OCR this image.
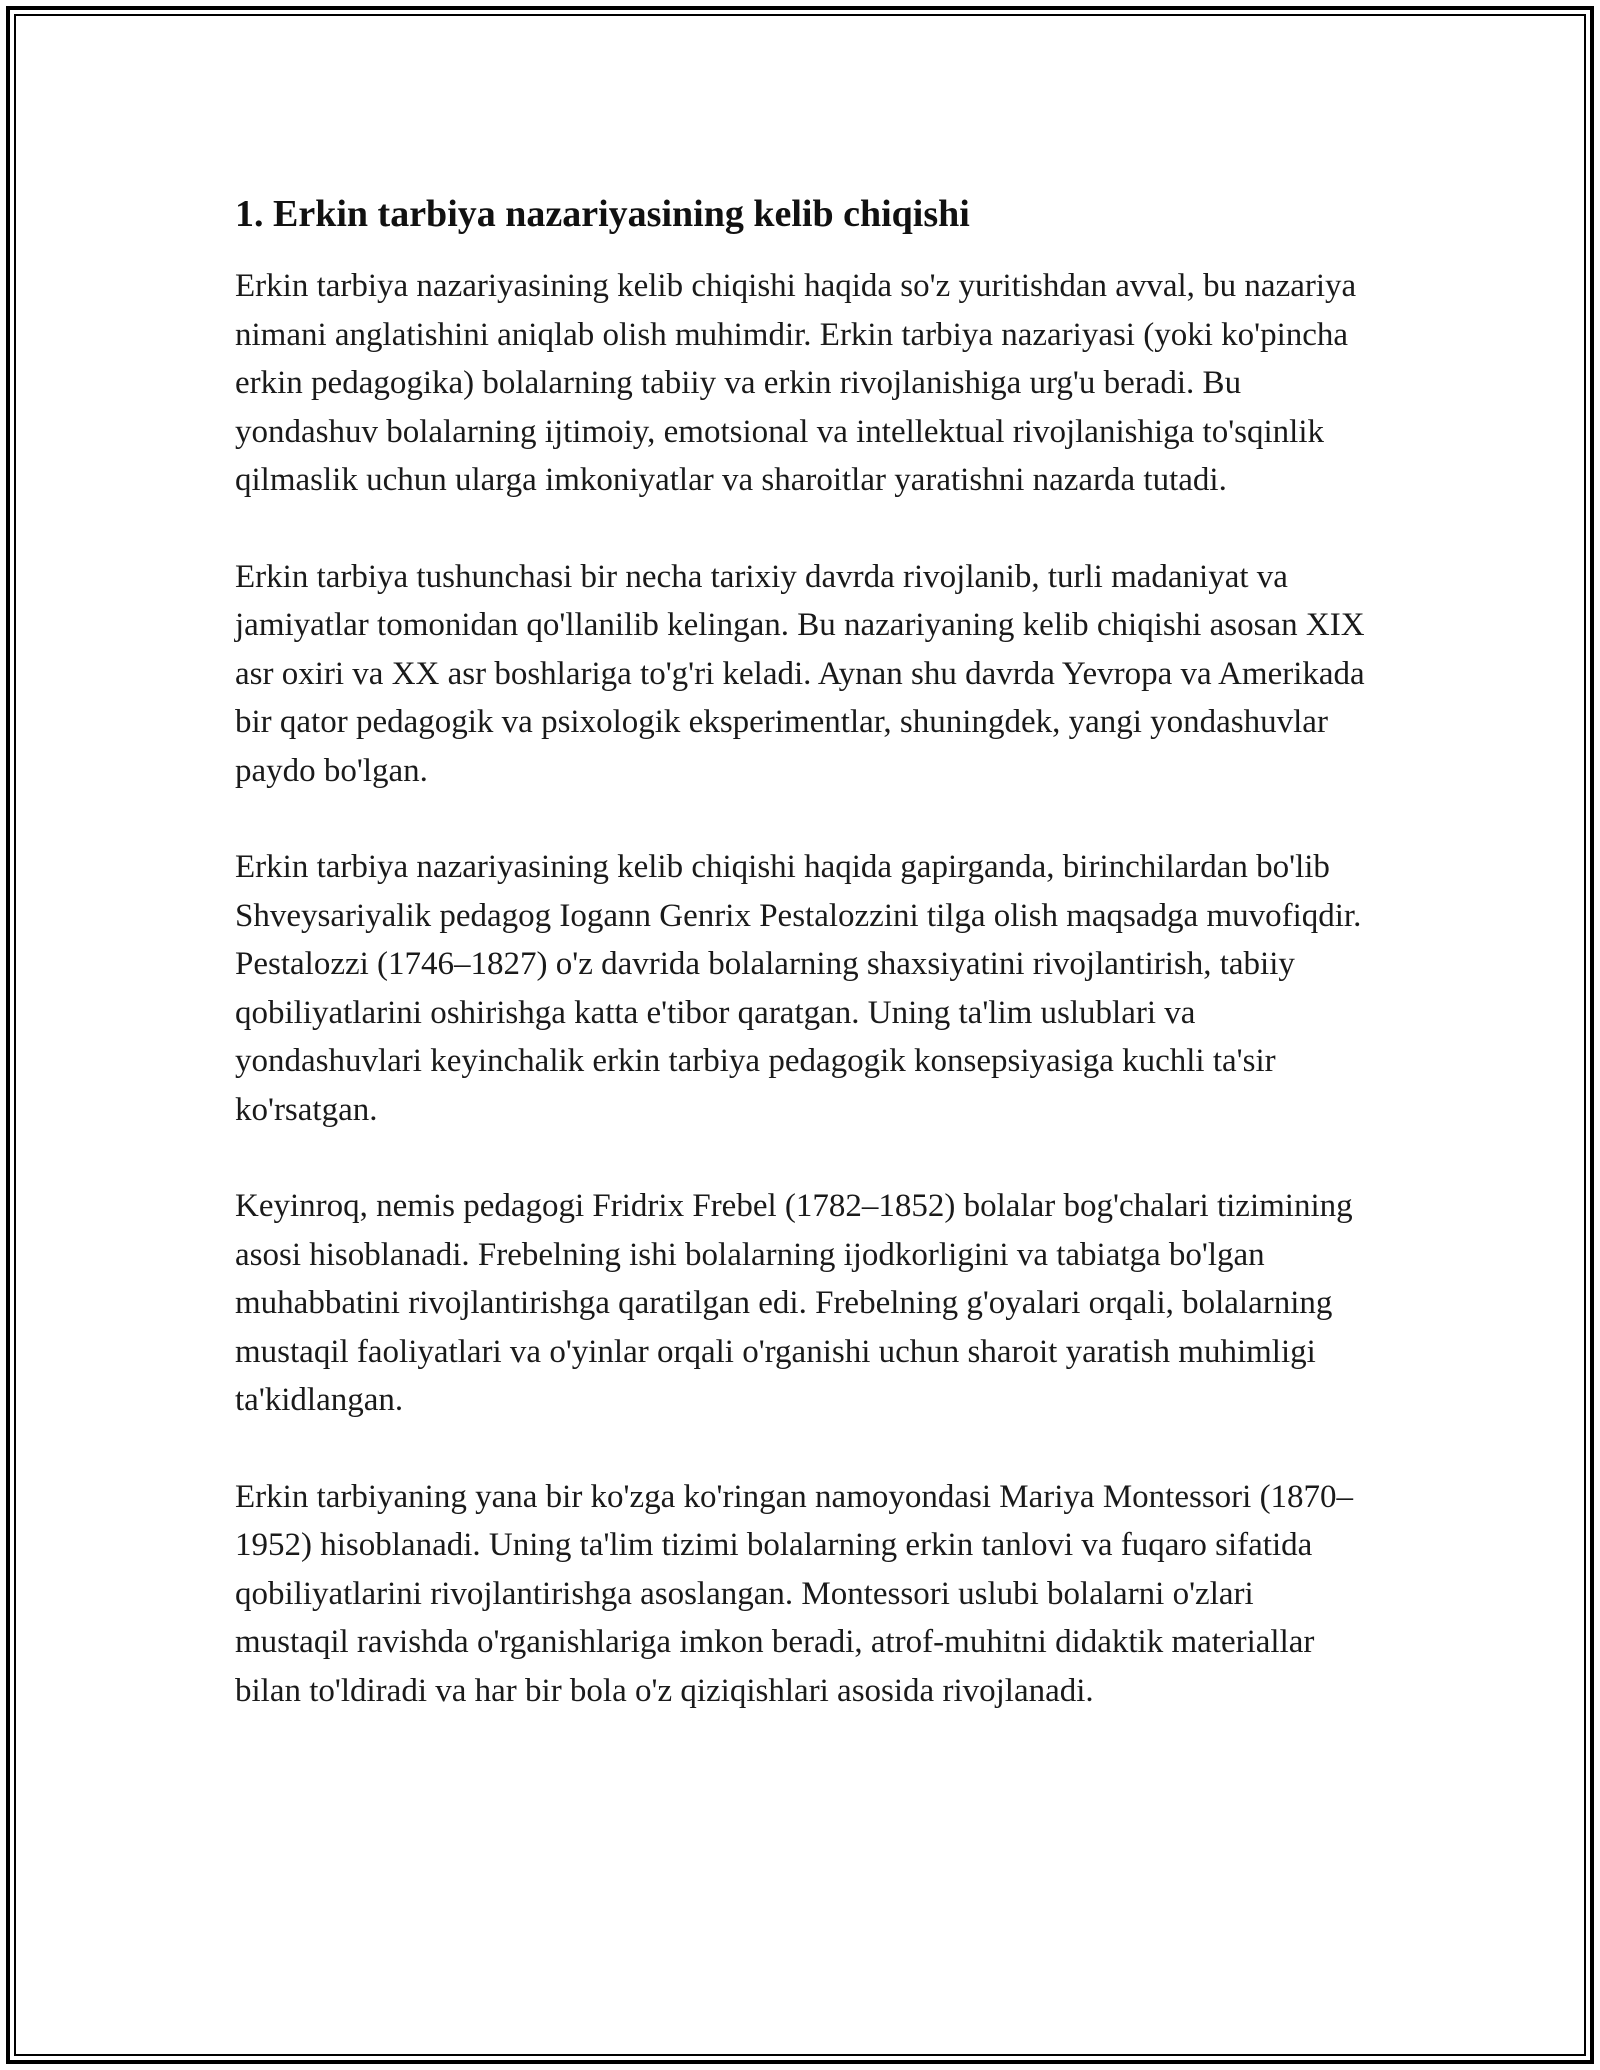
1. Erkin tarbiya nazariyasining kelib chiqishi

Erkin tarbiya nazariyasining kelib chiqishi haqida so'z yuritishdan avval, bu nazariya nimani anglatishini aniqlab olish muhimdir. Erkin tarbiya nazariyasi (yoki ko'pincha erkin pedagogika) bolalarning tabiiy va erkin rivojlanishiga urg'u beradi. Bu yondashuv bolalarning ijtimoiy, emotsional va intellektual rivojlanishiga to'sqinlik qilmaslik uchun ularga imkoniyatlar va sharoitlar yaratishni nazarda tutadi.

Erkin tarbiya tushunchasi bir necha tarixiy davrda rivojlanib, turli madaniyat va jamiyatlar tomonidan qo'llanilib kelingan. Bu nazariyaning kelib chiqishi asosan XIX asr oxiri va XX asr boshlariga to'g'ri keladi. Aynan shu davrda Yevropa va Amerikada bir qator pedagogik va psixologik eksperimentlar, shuningdek, yangi yondashuvlar paydo bo'lgan.

Erkin tarbiya nazariyasining kelib chiqishi haqida gapirganda, birinchilardan bo'lib Shveysariyalik pedagog Iogann Genrix Pestalozzini tilga olish maqsadga muvofiqdir. Pestalozzi (1746–1827) o'z davrida bolalarning shaxsiyatini rivojlantirish, tabiiy qobiliyatlarini oshirishga katta e'tibor qaratgan. Uning ta'lim uslublari va yondashuvlari keyinchalik erkin tarbiya pedagogik konsepsiyasiga kuchli ta'sir ko'rsatgan.

Keyinroq, nemis pedagogi Fridrix Frebel (1782–1852) bolalar bog'chalari tizimining asosi hisoblanadi. Frebelning ishi bolalarning ijodkorligini va tabiatga bo'lgan muhabbatini rivojlantirishga qaratilgan edi. Frebelning g'oyalari orqali, bolalarning mustaqil faoliyatlari va o'yinlar orqali o'rganishi uchun sharoit yaratish muhimligi ta'kidlangan.

Erkin tarbiyaning yana bir ko'zga ko'ringan namoyondasi Mariya Montessori (1870–1952) hisoblanadi. Uning ta'lim tizimi bolalarning erkin tanlovi va fuqaro sifatida qobiliyatlarini rivojlantirishga asoslangan. Montessori uslubi bolalarni o'zlari mustaqil ravishda o'rganishlariga imkon beradi, atrof-muhitni didaktik materiallar bilan to'ldiradi va har bir bola o'z qiziqishlari asosida rivojlanadi.
